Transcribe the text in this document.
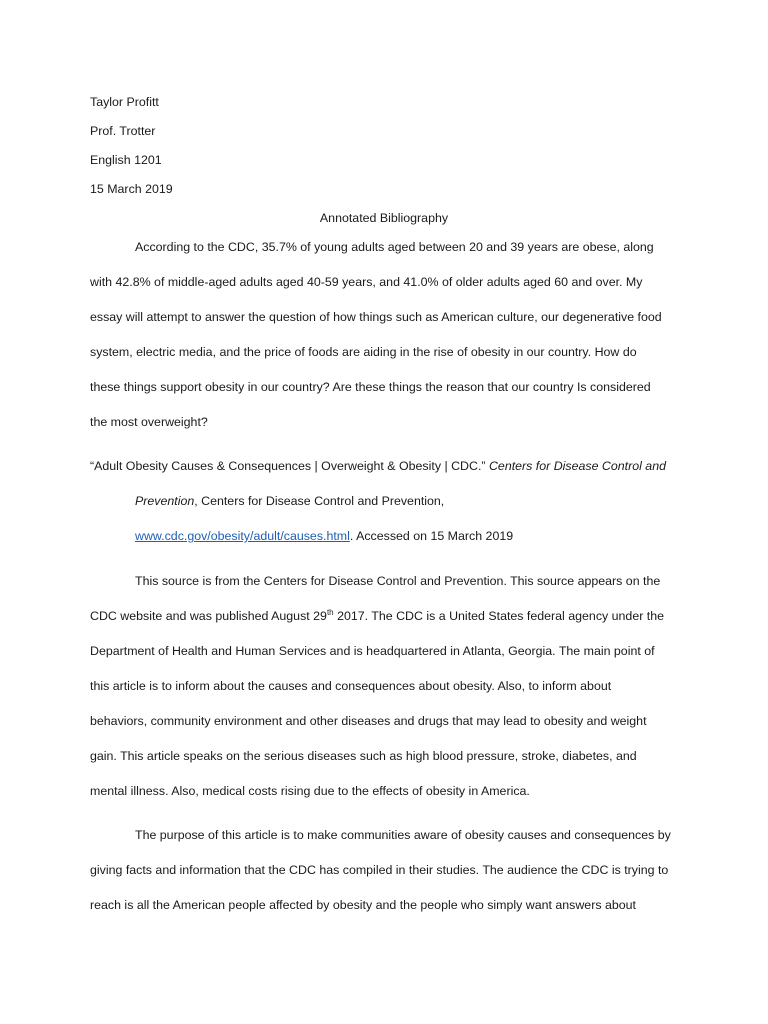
Taylor Profitt
Prof. Trotter
English 1201
15 March 2019
Annotated Bibliography
According to the CDC, 35.7% of young adults aged between 20 and 39 years are obese, along
with 42.8% of middle-aged adults aged 40-59 years, and 41.0% of older adults aged 60 and over. My
essay will attempt to answer the question of how things such as American culture, our degenerative food
system, electric media, and the price of foods are aiding in the rise of obesity in our country. How do
these things support obesity in our country? Are these things the reason that our country Is considered
the most overweight?
“Adult Obesity Causes & Consequences | Overweight & Obesity | CDC.” Centers for Disease Control and
Prevention, Centers for Disease Control and Prevention,
www.cdc.gov/obesity/adult/causes.html. Accessed on 15 March 2019
This source is from the Centers for Disease Control and Prevention. This source appears on the
CDC website and was published August 29th 2017. The CDC is a United States federal agency under the
Department of Health and Human Services and is headquartered in Atlanta, Georgia. The main point of
this article is to inform about the causes and consequences about obesity. Also, to inform about
behaviors, community environment and other diseases and drugs that may lead to obesity and weight
gain. This article speaks on the serious diseases such as high blood pressure, stroke, diabetes, and
mental illness. Also, medical costs rising due to the effects of obesity in America.
The purpose of this article is to make communities aware of obesity causes and consequences by
giving facts and information that the CDC has compiled in their studies. The audience the CDC is trying to
reach is all the American people affected by obesity and the people who simply want answers about
